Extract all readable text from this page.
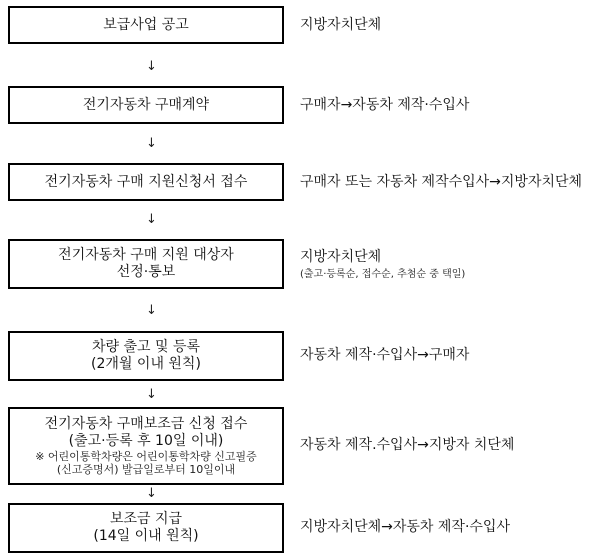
보급사업 공고	지방자치단체
↓
전기자동차 구매계약	구매자→자동차 제작·수입사
↓
전기자동차 구매 지원신청서 접수	구매자 또는 자동차 제작수입사→지방자치단체
↓
전기자동차 구매 지원 대상자
선정·통보
지방자치단체
(출고·등록순, 접수순, 추첨순 중 택일)
↓
차량 출고 및 등록
(2개월 이내 원칙)
자동차 제작·수입사→구매자
↓
전기자동차 구매보조금 신청 접수
(출고·등록 후 10일 이내)
※ 어린이통학차량은 어린이통학차량 신고필증
(신고증명서) 발급일로부터 10일이내
자동차 제작.수입사→지방자 치단체
↓
보조금 지급
(14일 이내 원칙)
지방자치단체→자동차 제작·수입사
